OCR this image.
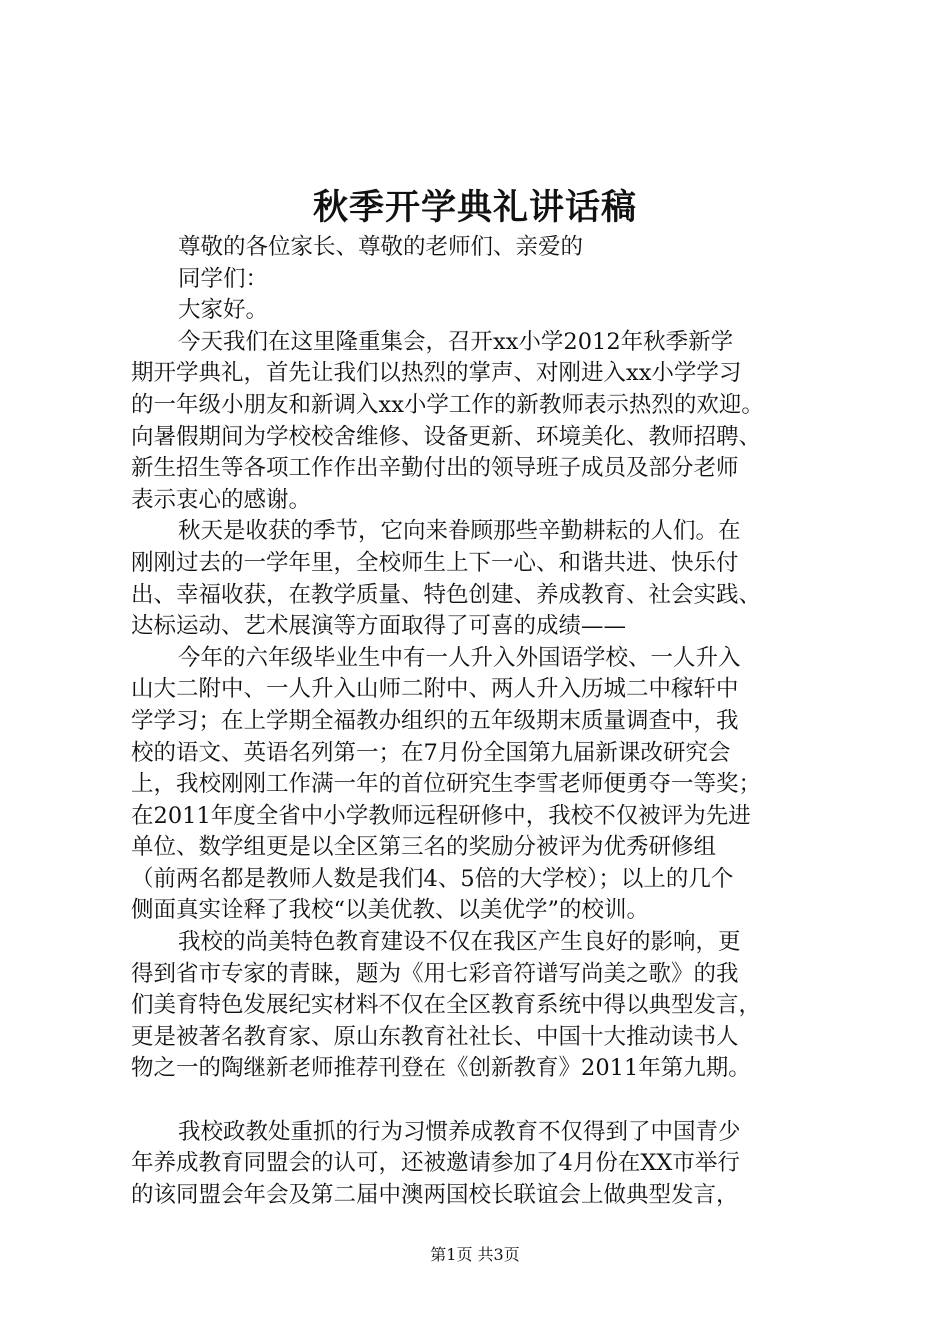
秋季开学典礼讲话稿
尊敬的各位家长、尊敬的老师们、亲爱的
同学们：
大家好。
今天我们在这里隆重集会，召开xx小学2012年秋季新学
期开学典礼，首先让我们以热烈的掌声、对刚进入xx小学学习
的一年级小朋友和新调入xx小学工作的新教师表示热烈的欢迎。
向暑假期间为学校校舍维修、设备更新、环境美化、教师招聘、
新生招生等各项工作作出辛勤付出的领导班子成员及部分老师
表示衷心的感谢。
秋天是收获的季节，它向来眷顾那些辛勤耕耘的人们。在
刚刚过去的一学年里，全校师生上下一心、和谐共进、快乐付
出、幸福收获，在教学质量、特色创建、养成教育、社会实践、
达标运动、艺术展演等方面取得了可喜的成绩——
今年的六年级毕业生中有一人升入外国语学校、一人升入
山大二附中、一人升入山师二附中、两人升入历城二中稼轩中
学学习；在上学期全福教办组织的五年级期末质量调查中，我
校的语文、英语名列第一；在7月份全国第九届新课改研究会
上，我校刚刚工作满一年的首位研究生李雪老师便勇夺一等奖；
在2011年度全省中小学教师远程研修中，我校不仅被评为先进
单位、数学组更是以全区第三名的奖励分被评为优秀研修组
（前两名都是教师人数是我们4、5倍的大学校）；以上的几个
侧面真实诠释了我校“以美优教、以美优学”的校训。
我校的尚美特色教育建设不仅在我区产生良好的影响，更
得到省市专家的青睐，题为《用七彩音符谱写尚美之歌》的我
们美育特色发展纪实材料不仅在全区教育系统中得以典型发言，
更是被著名教育家、原山东教育社社长、中国十大推动读书人
物之一的陶继新老师推荐刊登在《创新教育》2011年第九期。
我校政教处重抓的行为习惯养成教育不仅得到了中国青少
年养成教育同盟会的认可，还被邀请参加了4月份在XX市举行
的该同盟会年会及第二届中澳两国校长联谊会上做典型发言，
第1页 共3页
